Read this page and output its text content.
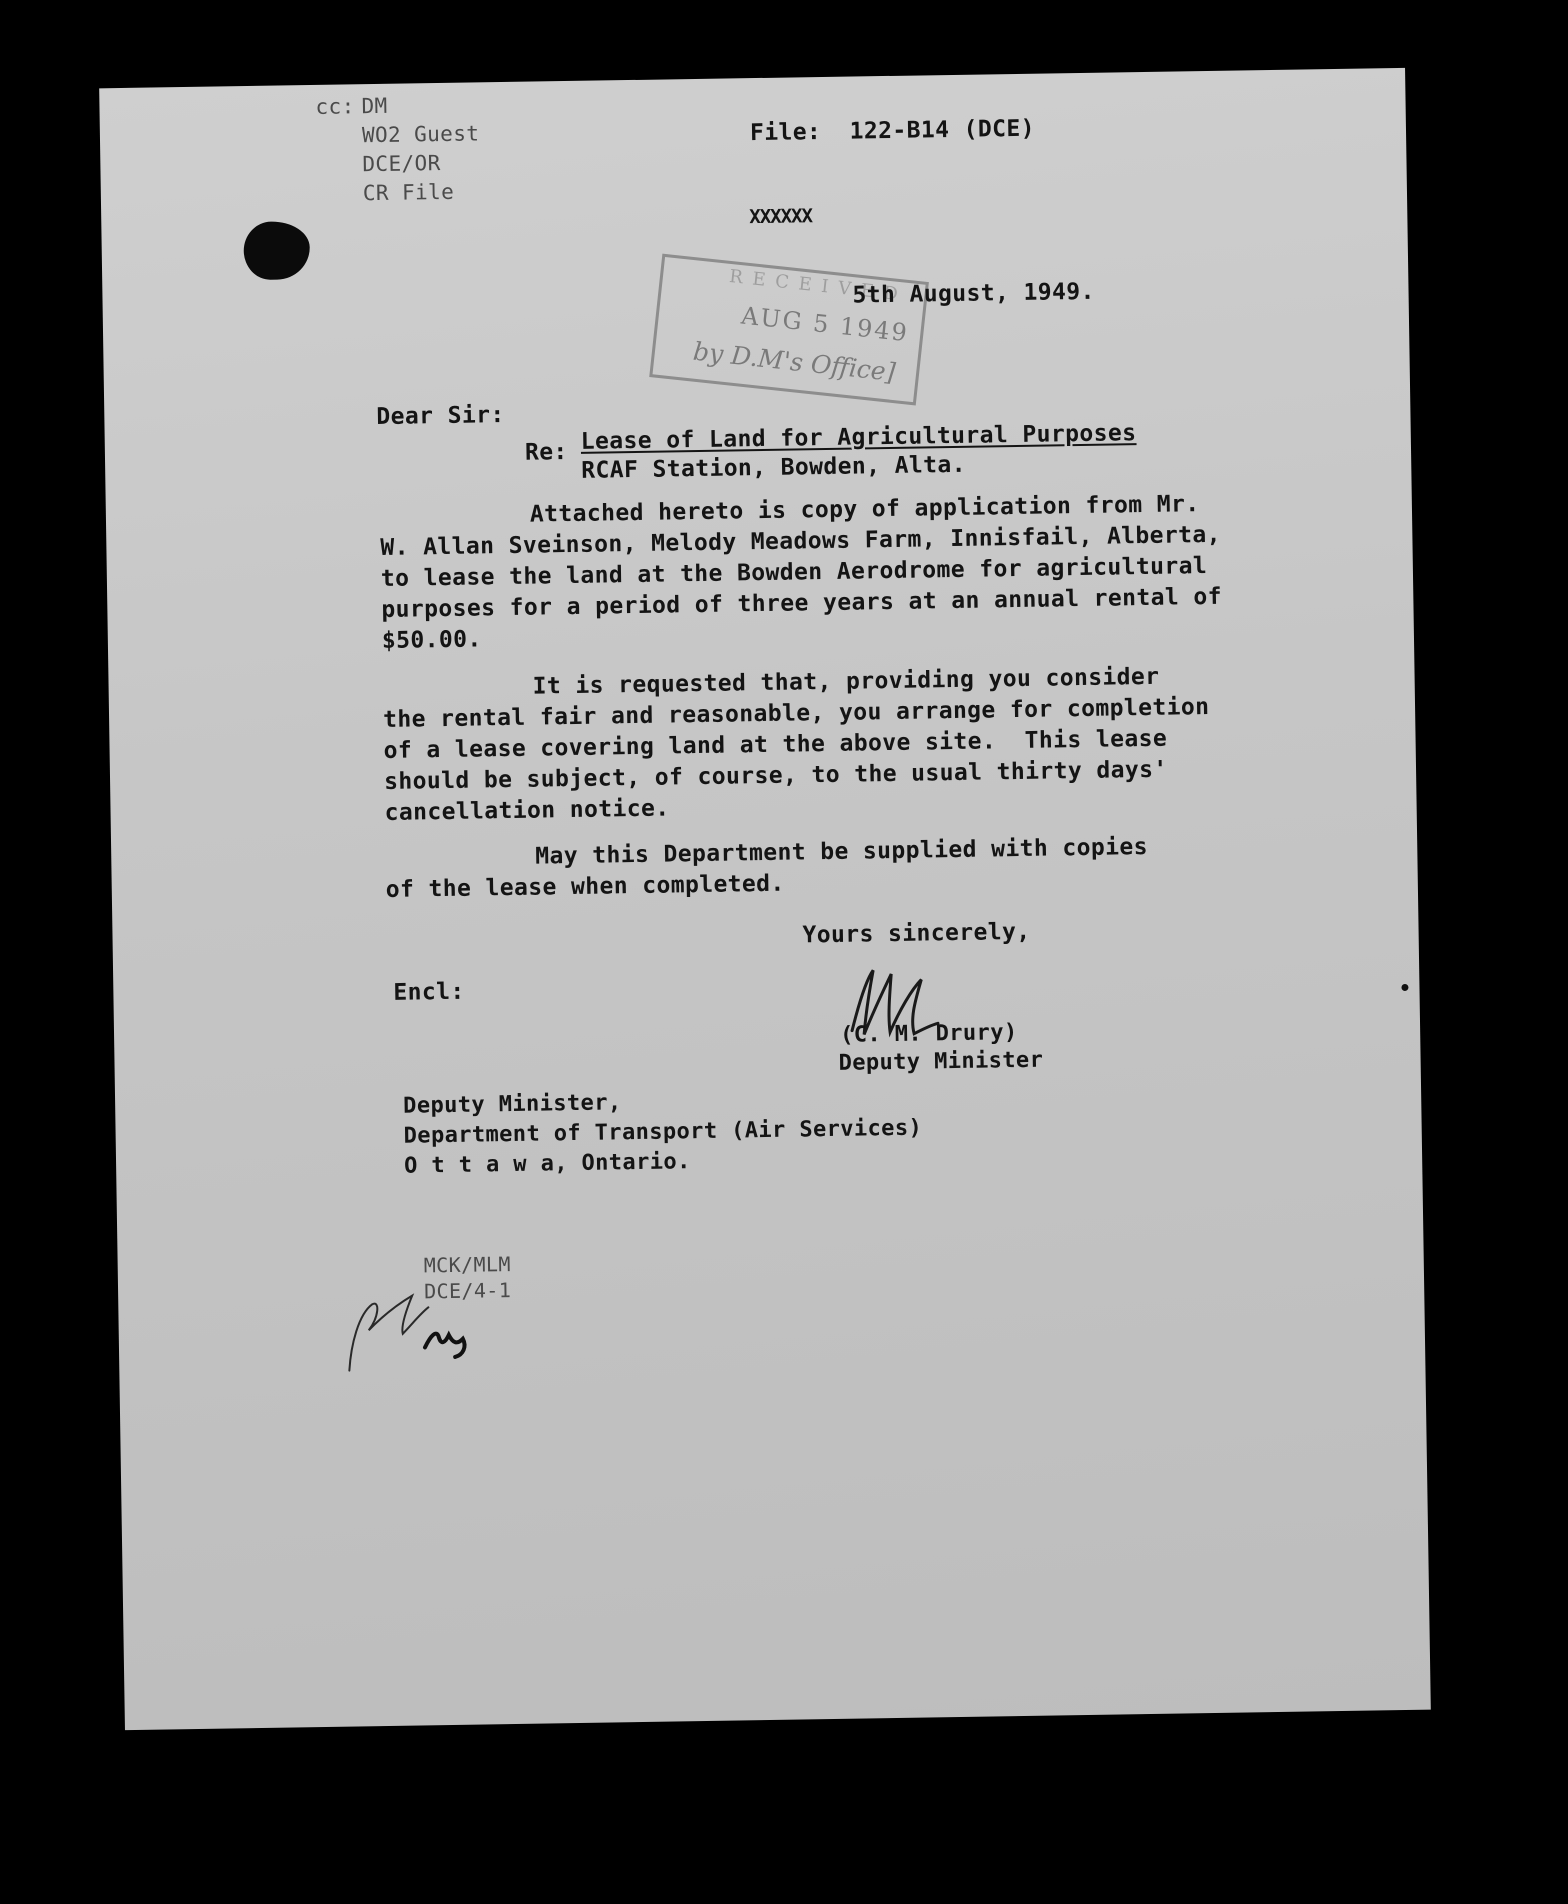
cc: DM
WO2 Guest
DCE/OR
CR File
File:  122-B14 (DCE)
XXXXXX
R E C E I V E D
AUG 5 1949
by D.M's Office]
5th August, 1949.
Dear Sir:
Re: Lease of Land for Agricultural Purposes
RCAF Station, Bowden, Alta.
Attached hereto is copy of application from Mr.
W. Allan Sveinson, Melody Meadows Farm, Innisfail, Alberta,
to lease the land at the Bowden Aerodrome for agricultural
purposes for a period of three years at an annual rental of
$50.00.
It is requested that, providing you consider
the rental fair and reasonable, you arrange for completion
of a lease covering land at the above site.  This lease
should be subject, of course, to the usual thirty days'
cancellation notice.
May this Department be supplied with copies
of the lease when completed.
Yours sincerely,
Encl:
(C. M. Drury)
Deputy Minister
Deputy Minister,
Department of Transport (Air Services)
O t t a w a, Ontario.
MCK/MLM
DCE/4-1
